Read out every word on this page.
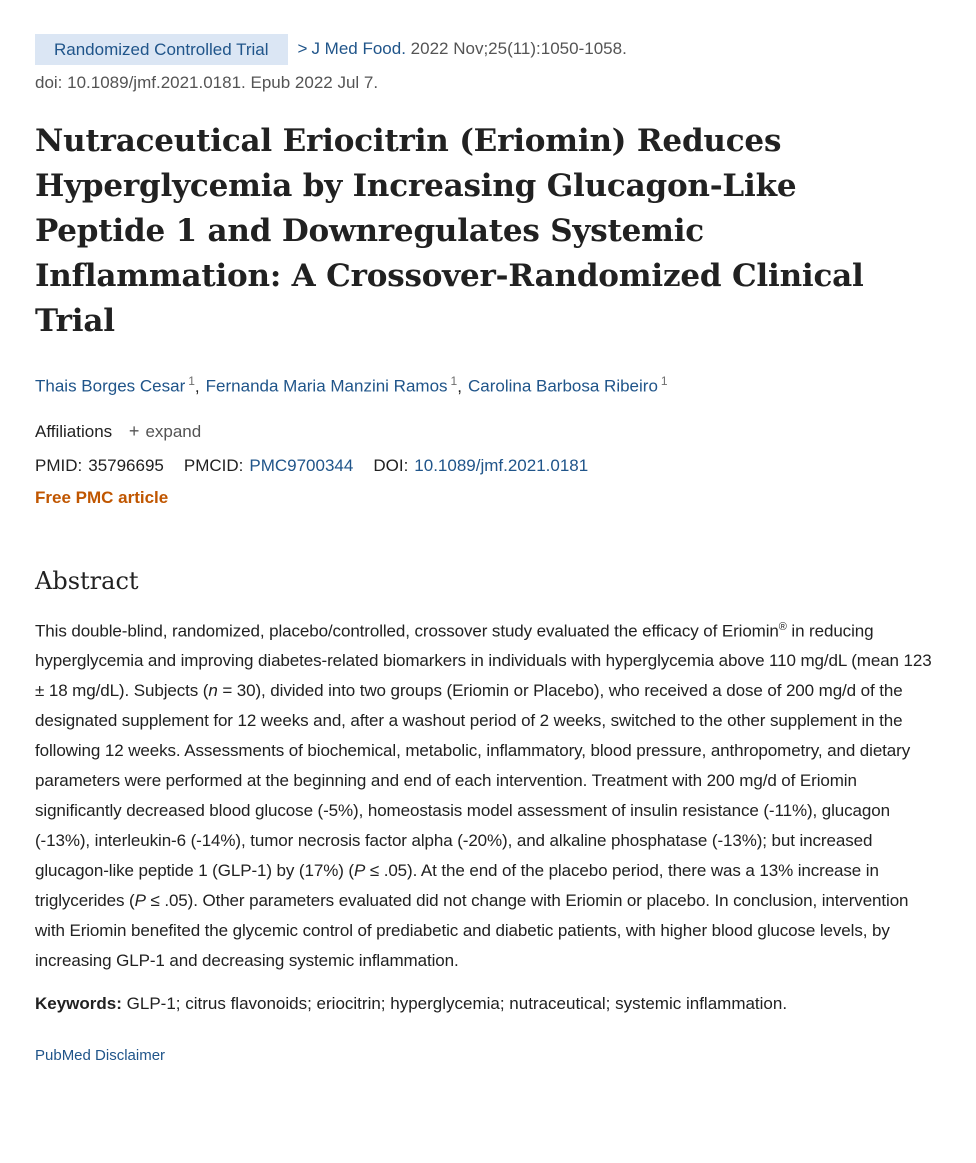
Randomized Controlled Trial > J Med Food. 2022 Nov;25(11):1050-1058.
doi: 10.1089/jmf.2021.0181. Epub 2022 Jul 7.
Nutraceutical Eriocitrin (Eriomin) Reduces Hyperglycemia by Increasing Glucagon-Like Peptide 1 and Downregulates Systemic Inflammation: A Crossover-Randomized Clinical Trial
Thais Borges Cesar $^1$, Fernanda Maria Manzini Ramos $^1$, Carolina Barbosa Ribeiro $^1$
Affiliations + expand
PMID: 35796695 PMCID: PMC9700344 DOI: 10.1089/jmf.2021.0181
Free PMC article
Abstract
This double-blind, randomized, placebo/controlled, crossover study evaluated the efficacy of Eriomin® in reducing hyperglycemia and improving diabetes-related biomarkers in individuals with hyperglycemia above 110 mg/dL (mean 123 ± 18 mg/dL). Subjects (n = 30), divided into two groups (Eriomin or Placebo), who received a dose of 200 mg/d of the designated supplement for 12 weeks and, after a washout period of 2 weeks, switched to the other supplement in the following 12 weeks. Assessments of biochemical, metabolic, inflammatory, blood pressure, anthropometry, and dietary parameters were performed at the beginning and end of each intervention. Treatment with 200 mg/d of Eriomin significantly decreased blood glucose (-5%), homeostasis model assessment of insulin resistance (-11%), glucagon (-13%), interleukin-6 (-14%), tumor necrosis factor alpha (-20%), and alkaline phosphatase (-13%); but increased glucagon-like peptide 1 (GLP-1) by (17%) (P ≤ .05). At the end of the placebo period, there was a 13% increase in triglycerides (P ≤ .05). Other parameters evaluated did not change with Eriomin or placebo. In conclusion, intervention with Eriomin benefited the glycemic control of prediabetic and diabetic patients, with higher blood glucose levels, by increasing GLP-1 and decreasing systemic inflammation.
Keywords: GLP-1; citrus flavonoids; eriocitrin; hyperglycemia; nutraceutical; systemic inflammation.
PubMed Disclaimer
